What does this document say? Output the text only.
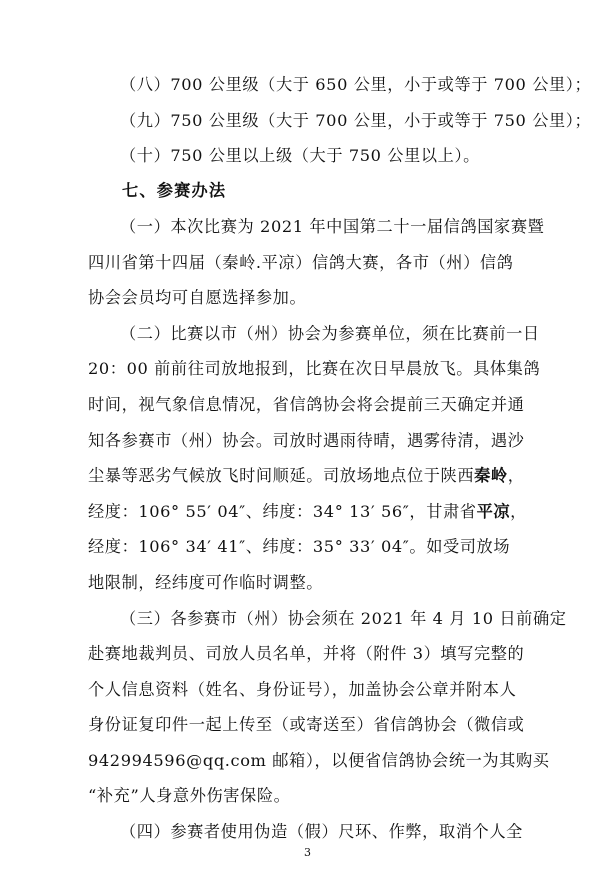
（八）700 公里级（大于 650 公里，小于或等于 700 公里）；
（九）750 公里级（大于 700 公里，小于或等于 750 公里）；
（十）750 公里以上级（大于 750 公里以上）。
七、参赛办法
（一）本次比赛为 2021 年中国第二十一届信鸽国家赛暨
四川省第十四届（秦岭.平凉）信鸽大赛，各市（州）信鸽
协会会员均可自愿选择参加。
（二）比赛以市（州）协会为参赛单位，须在比赛前一日
20：00 前前往司放地报到，比赛在次日早晨放飞。具体集鸽
时间，视气象信息情况，省信鸽协会将会提前三天确定并通
知各参赛市（州）协会。司放时遇雨待晴，遇雾待清，遇沙
尘暴等恶劣气候放飞时间顺延。司放场地点位于陕西秦岭，
经度：106° 55′ 04″、纬度：34° 13′ 56″，甘肃省平凉，
经度：106° 34′ 41″、纬度：35° 33′ 04″。如受司放场
地限制，经纬度可作临时调整。
（三）各参赛市（州）协会须在 2021 年 4 月 10 日前确定
赴赛地裁判员、司放人员名单，并将（附件 3）填写完整的
个人信息资料（姓名、身份证号），加盖协会公章并附本人
身份证复印件一起上传至（或寄送至）省信鸽协会（微信或
942994596@qq.com 邮箱），以便省信鸽协会统一为其购买
“补充”人身意外伤害保险。
（四）参赛者使用伪造（假）尺环、作弊，取消个人全
3
